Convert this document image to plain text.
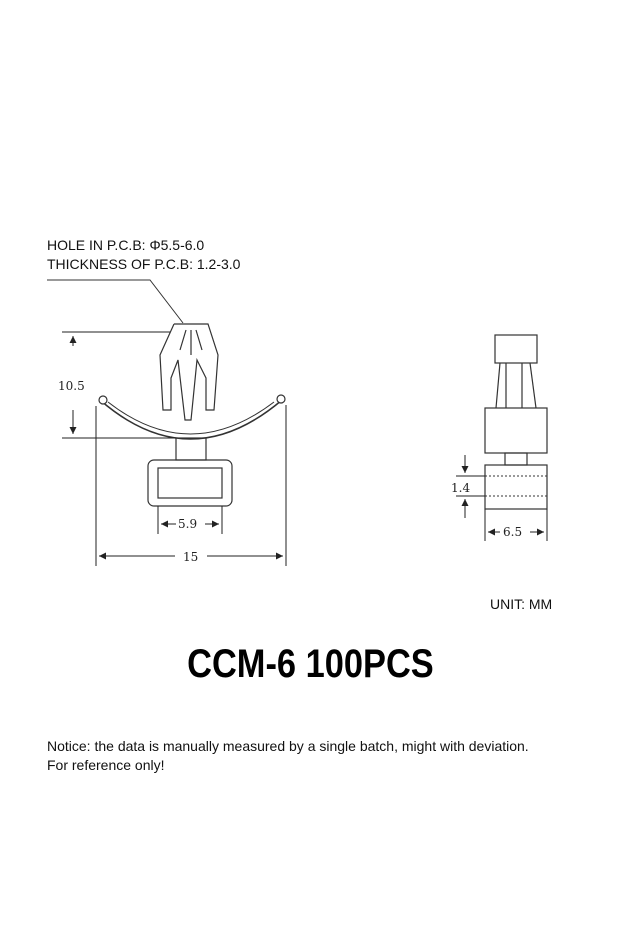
HOLE IN P.C.B: Φ5.5-6.0
THICKNESS OF P.C.B: 1.2-3.0
10.5
5.9
15
1.4
6.5
UNIT: MM
CCM-6 100PCS
Notice: the data is manually measured by a single batch, might with deviation.
For reference only!
